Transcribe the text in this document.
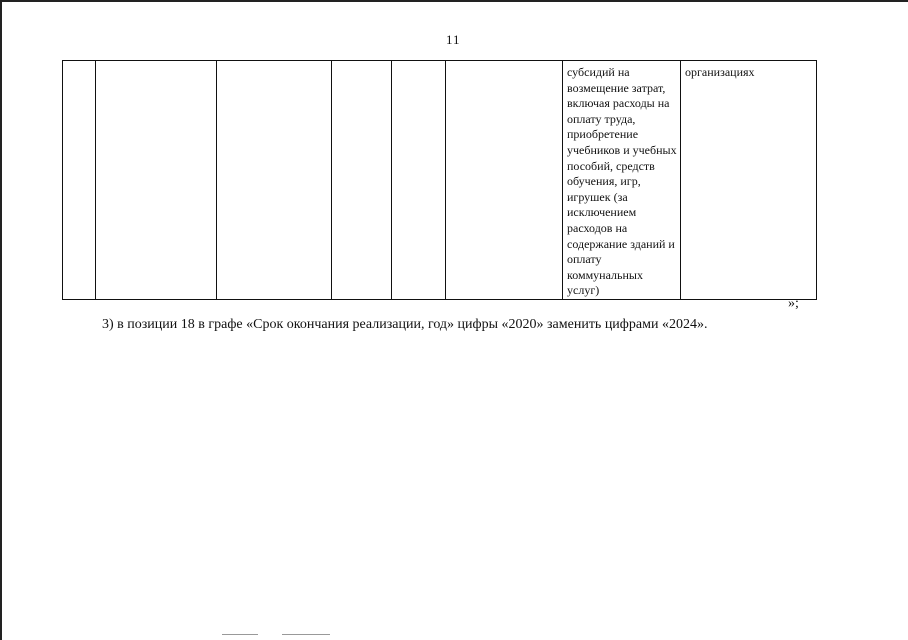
11
						субсидий на возмещение затрат, включая расходы на оплату труда, приобретение учебников и учебных пособий, средств обучения, игр, игрушек (за исключением расходов на содержание зданий и оплату коммунальных услуг)	организациях
»;
3) в позиции 18 в графе «Срок окончания реализации, год» цифры «2020» заменить цифрами «2024».
